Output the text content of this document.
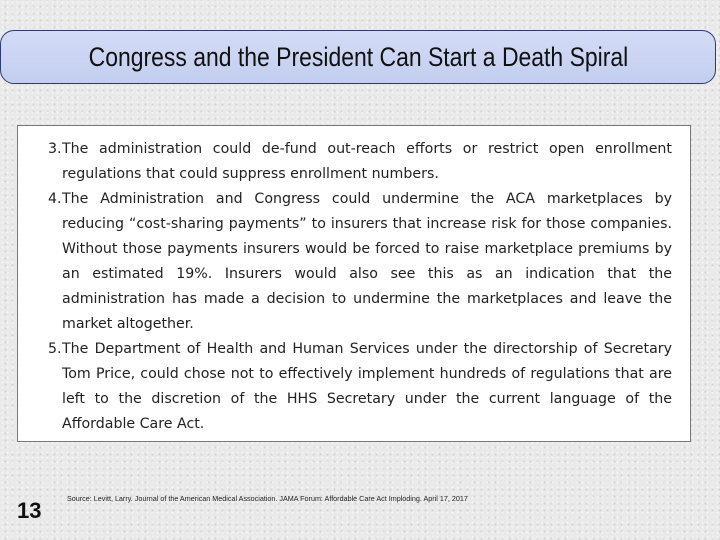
Congress and the President Can Start a Death Spiral
3. The administration could de-fund out-reach efforts or restrict open enrollment regulations that could suppress enrollment numbers.
4. The Administration and Congress could undermine the ACA marketplaces by reducing “cost-sharing payments” to insurers that increase risk for those companies. Without those payments insurers would be forced to raise marketplace premiums by an estimated 19%. Insurers would also see this as an indication that the administration has made a decision to undermine the marketplaces and leave the market altogether.
5. The Department of Health and Human Services under the directorship of Secretary Tom Price, could chose not to effectively implement hundreds of regulations that are left to the discretion of the HHS Secretary under the current language of the Affordable Care Act.
13	Source: Levitt, Larry. Journal of the American Medical Association. JAMA Forum: Affordable Care Act Imploding. April 17, 2017
